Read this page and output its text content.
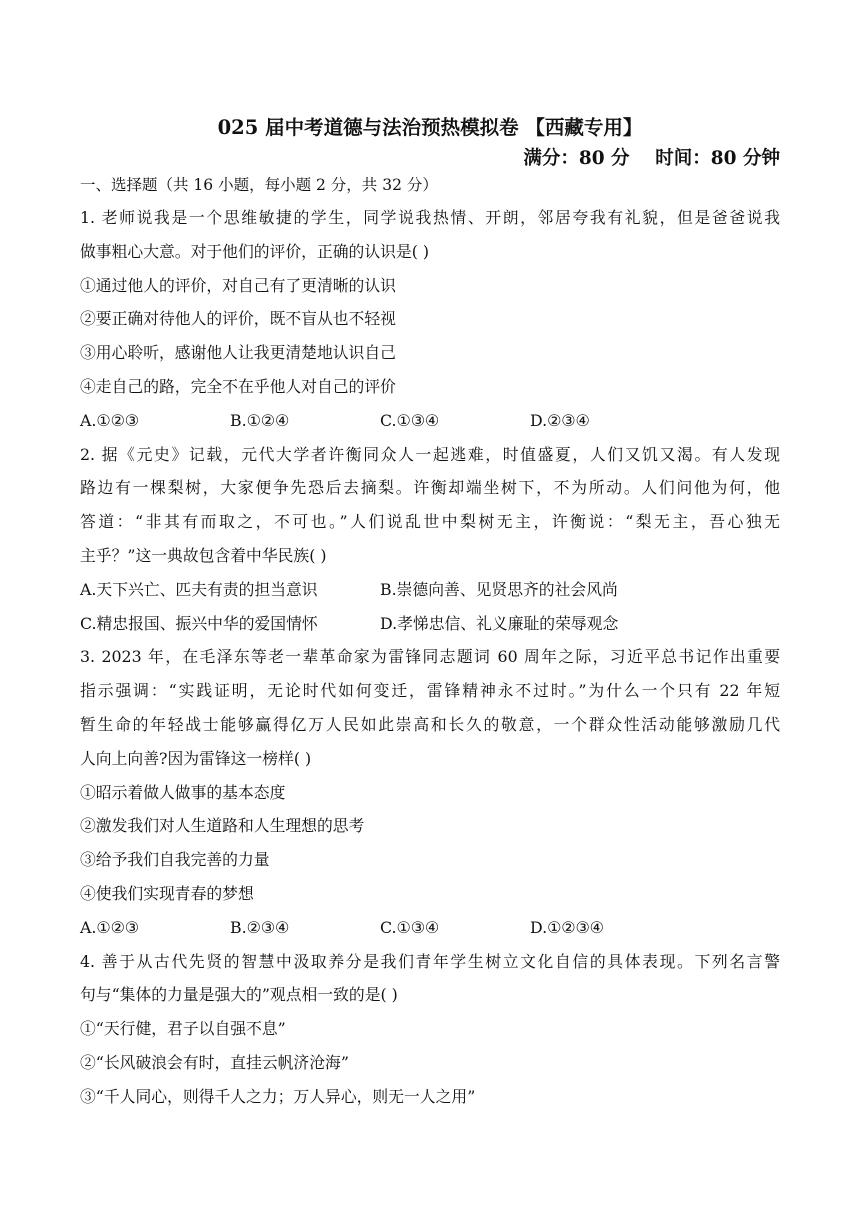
025 届中考道德与法治预热模拟卷 【西藏专用】
满分：80 分    时间：80 分钟
一、选择题（共 16 小题，每小题 2 分，共 32 分）
1. 老师说我是一个思维敏捷的学生，同学说我热情、开朗，邻居夸我有礼貌，但是爸爸说我
做事粗心大意。对于他们的评价，正确的认识是( )
①通过他人的评价，对自己有了更清晰的认识
②要正确对待他人的评价，既不盲从也不轻视
③用心聆听，感谢他人让我更清楚地认识自己
④走自己的路，完全不在乎他人对自己的评价
A.①②③	B.①②④	C.①③④	D.②③④
2. 据《元史》记载，元代大学者许衡同众人一起逃难，时值盛夏，人们又饥又渴。有人发现
路边有一棵梨树，大家便争先恐后去摘梨。许衡却端坐树下，不为所动。人们问他为何，他
答道：“非其有而取之，不可也。”人们说乱世中梨树无主，许衡说：“梨无主，吾心独无
主乎？”这一典故包含着中华民族( )
A.天下兴亡、匹夫有责的担当意识	B.崇德向善、见贤思齐的社会风尚
C.精忠报国、振兴中华的爱国情怀	D.孝悌忠信、礼义廉耻的荣辱观念
3. 2023 年，在毛泽东等老一辈革命家为雷锋同志题词 60 周年之际，习近平总书记作出重要
指示强调：“实践证明，无论时代如何变迁，雷锋精神永不过时。”为什么一个只有 22 年短
暂生命的年轻战士能够赢得亿万人民如此崇高和长久的敬意，一个群众性活动能够激励几代
人向上向善?因为雷锋这一榜样( )
①昭示着做人做事的基本态度
②激发我们对人生道路和人生理想的思考
③给予我们自我完善的力量
④使我们实现青春的梦想
A.①②③	B.②③④	C.①③④	D.①②③④
4. 善于从古代先贤的智慧中汲取养分是我们青年学生树立文化自信的具体表现。下列名言警
句与“集体的力量是强大的”观点相一致的是( )
①“天行健，君子以自强不息”
②“长风破浪会有时，直挂云帆济沧海”
③“千人同心，则得千人之力；万人异心，则无一人之用”
